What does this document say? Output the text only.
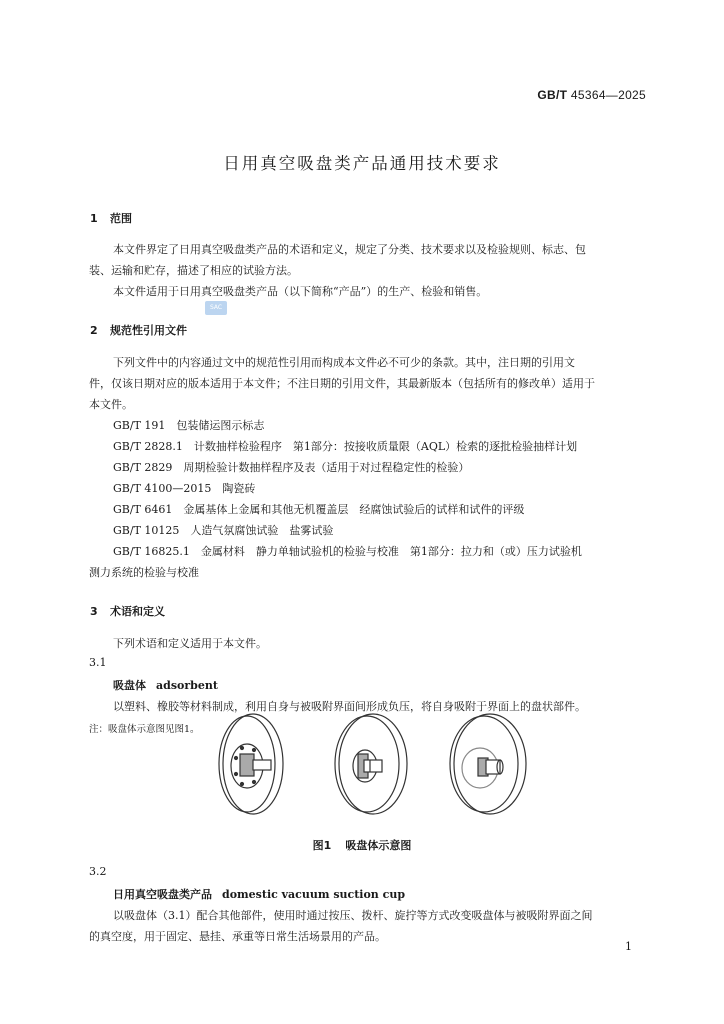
GB/T 45364—2025
日用真空吸盘类产品通用技术要求
1 范围
本文件界定了日用真空吸盘类产品的术语和定义，规定了分类、技术要求以及检验规则、标志、包
装、运输和贮存，描述了相应的试验方法。
本文件适用于日用真空吸盘类产品（以下简称“产品”）的生产、检验和销售。
SAC
2 规范性引用文件
下列文件中的内容通过文中的规范性引用而构成本文件必不可少的条款。其中，注日期的引用文
件，仅该日期对应的版本适用于本文件；不注日期的引用文件，其最新版本（包括所有的修改单）适用于
本文件。
GB/T 191　包装储运图示标志
GB/T 2828.1　计数抽样检验程序　第1部分：按接收质量限（AQL）检索的逐批检验抽样计划
GB/T 2829　周期检验计数抽样程序及表（适用于对过程稳定性的检验）
GB/T 4100—2015　陶瓷砖
GB/T 6461　金属基体上金属和其他无机覆盖层　经腐蚀试验后的试样和试件的评级
GB/T 10125　人造气氛腐蚀试验　盐雾试验
GB/T 16825.1　金属材料　静力单轴试验机的检验与校准　第1部分：拉力和（或）压力试验机
测力系统的检验与校准
3 术语和定义
下列术语和定义适用于本文件。
3.1
吸盘体 adsorbent
以塑料、橡胶等材料制成，利用自身与被吸附界面间形成负压，将自身吸附于界面上的盘状部件。
注：吸盘体示意图见图1。
图1 吸盘体示意图
3.2
日用真空吸盘类产品 domestic vacuum suction cup
以吸盘体（3.1）配合其他部件，使用时通过按压、拨杆、旋拧等方式改变吸盘体与被吸附界面之间
的真空度，用于固定、悬挂、承重等日常生活场景用的产品。
1
